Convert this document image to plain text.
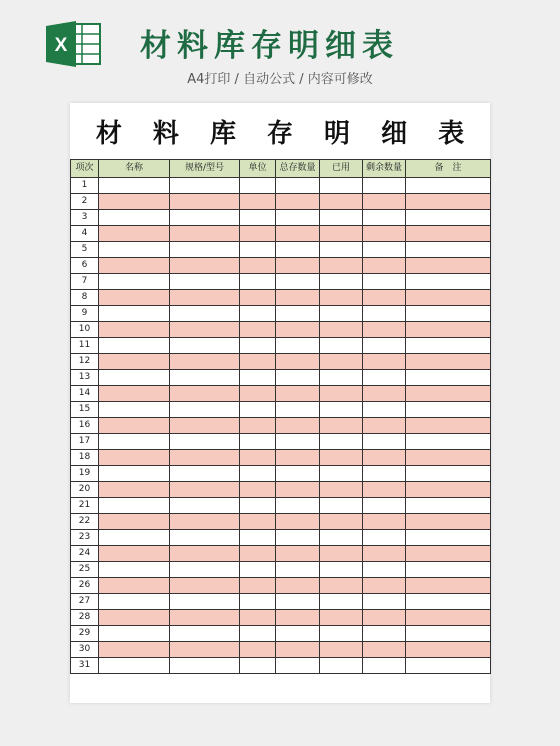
X 材料库存明细表
A4打印 / 自动公式 / 内容可修改
材 料 库 存 明 细 表
项次	名称	规格/型号	单位	总存数量	已用	剩余数量	备　注
1							
2							
3							
4							
5							
6							
7							
8							
9							
10							
11							
12							
13							
14							
15							
16							
17							
18							
19							
20							
21							
22							
23							
24							
25							
26							
27							
28							
29							
30							
31							
